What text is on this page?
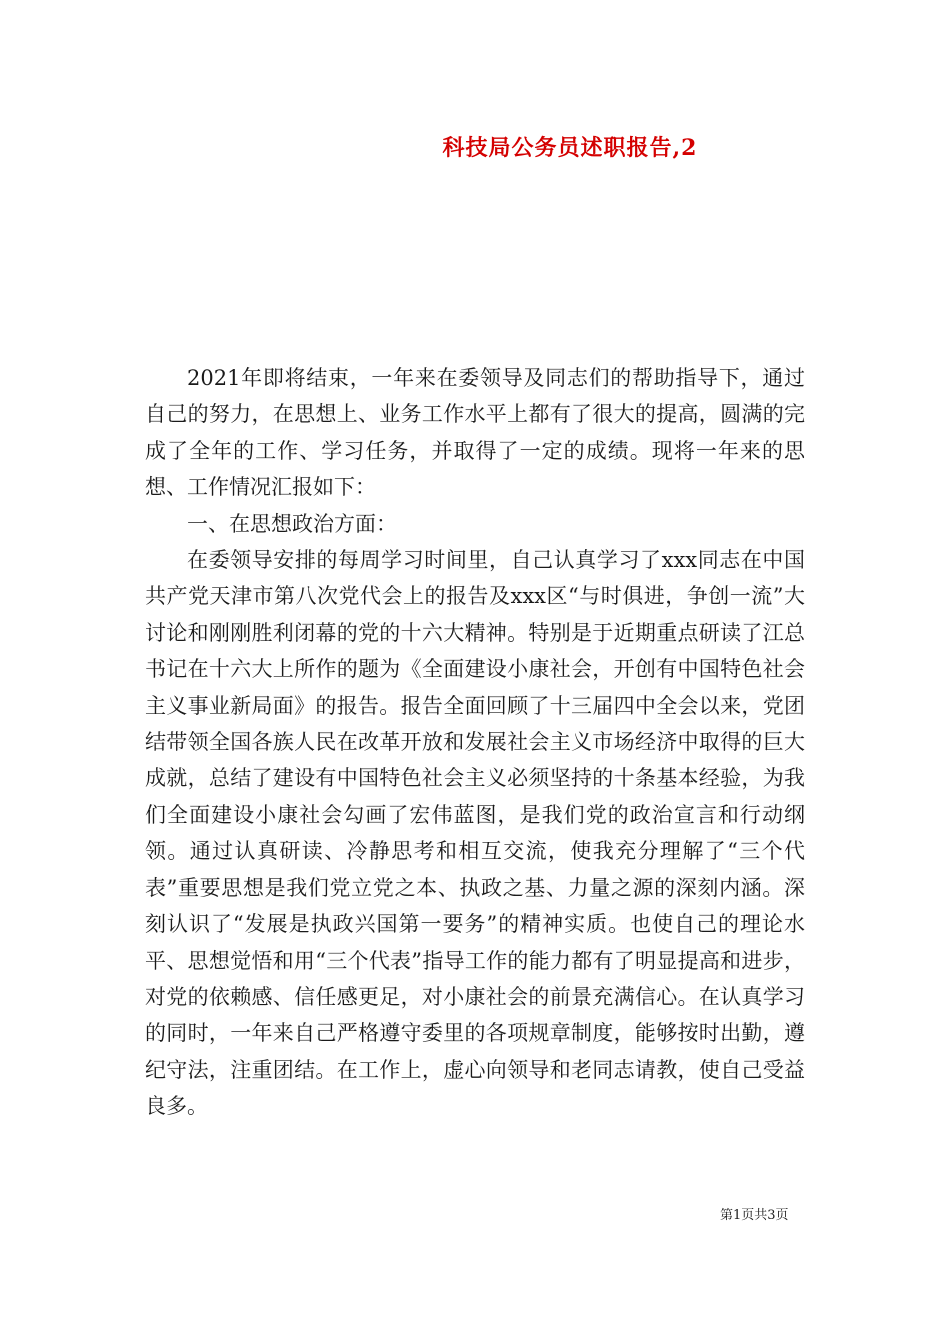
科技局公务员述职报告,2

2021年即将结束，一年来在委领导及同志们的帮助指导下，通过自己的努力，在思想上、业务工作水平上都有了很大的提高，圆满的完成了全年的工作、学习任务，并取得了一定的成绩。现将一年来的思想、工作情况汇报如下：

一、在思想政治方面：

在委领导安排的每周学习时间里，自己认真学习了xxx同志在中国共产党天津市第八次党代会上的报告及xxx区“与时俱进，争创一流”大讨论和刚刚胜利闭幕的党的十六大精神。特别是于近期重点研读了江总书记在十六大上所作的题为《全面建设小康社会，开创有中国特色社会主义事业新局面》的报告。报告全面回顾了十三届四中全会以来，党团结带领全国各族人民在改革开放和发展社会主义市场经济中取得的巨大成就，总结了建设有中国特色社会主义必须坚持的十条基本经验，为我们全面建设小康社会勾画了宏伟蓝图，是我们党的政治宣言和行动纲领。通过认真研读、冷静思考和相互交流，使我充分理解了“三个代表”重要思想是我们党立党之本、执政之基、力量之源的深刻内涵。深刻认识了“发展是执政兴国第一要务”的精神实质。也使自己的理论水平、思想觉悟和用“三个代表”指导工作的能力都有了明显提高和进步，对党的依赖感、信任感更足，对小康社会的前景充满信心。在认真学习的同时，一年来自己严格遵守委里的各项规章制度，能够按时出勤，遵纪守法，注重团结。在工作上，虚心向领导和老同志请教，使自己受益良多。

第1页共3页
